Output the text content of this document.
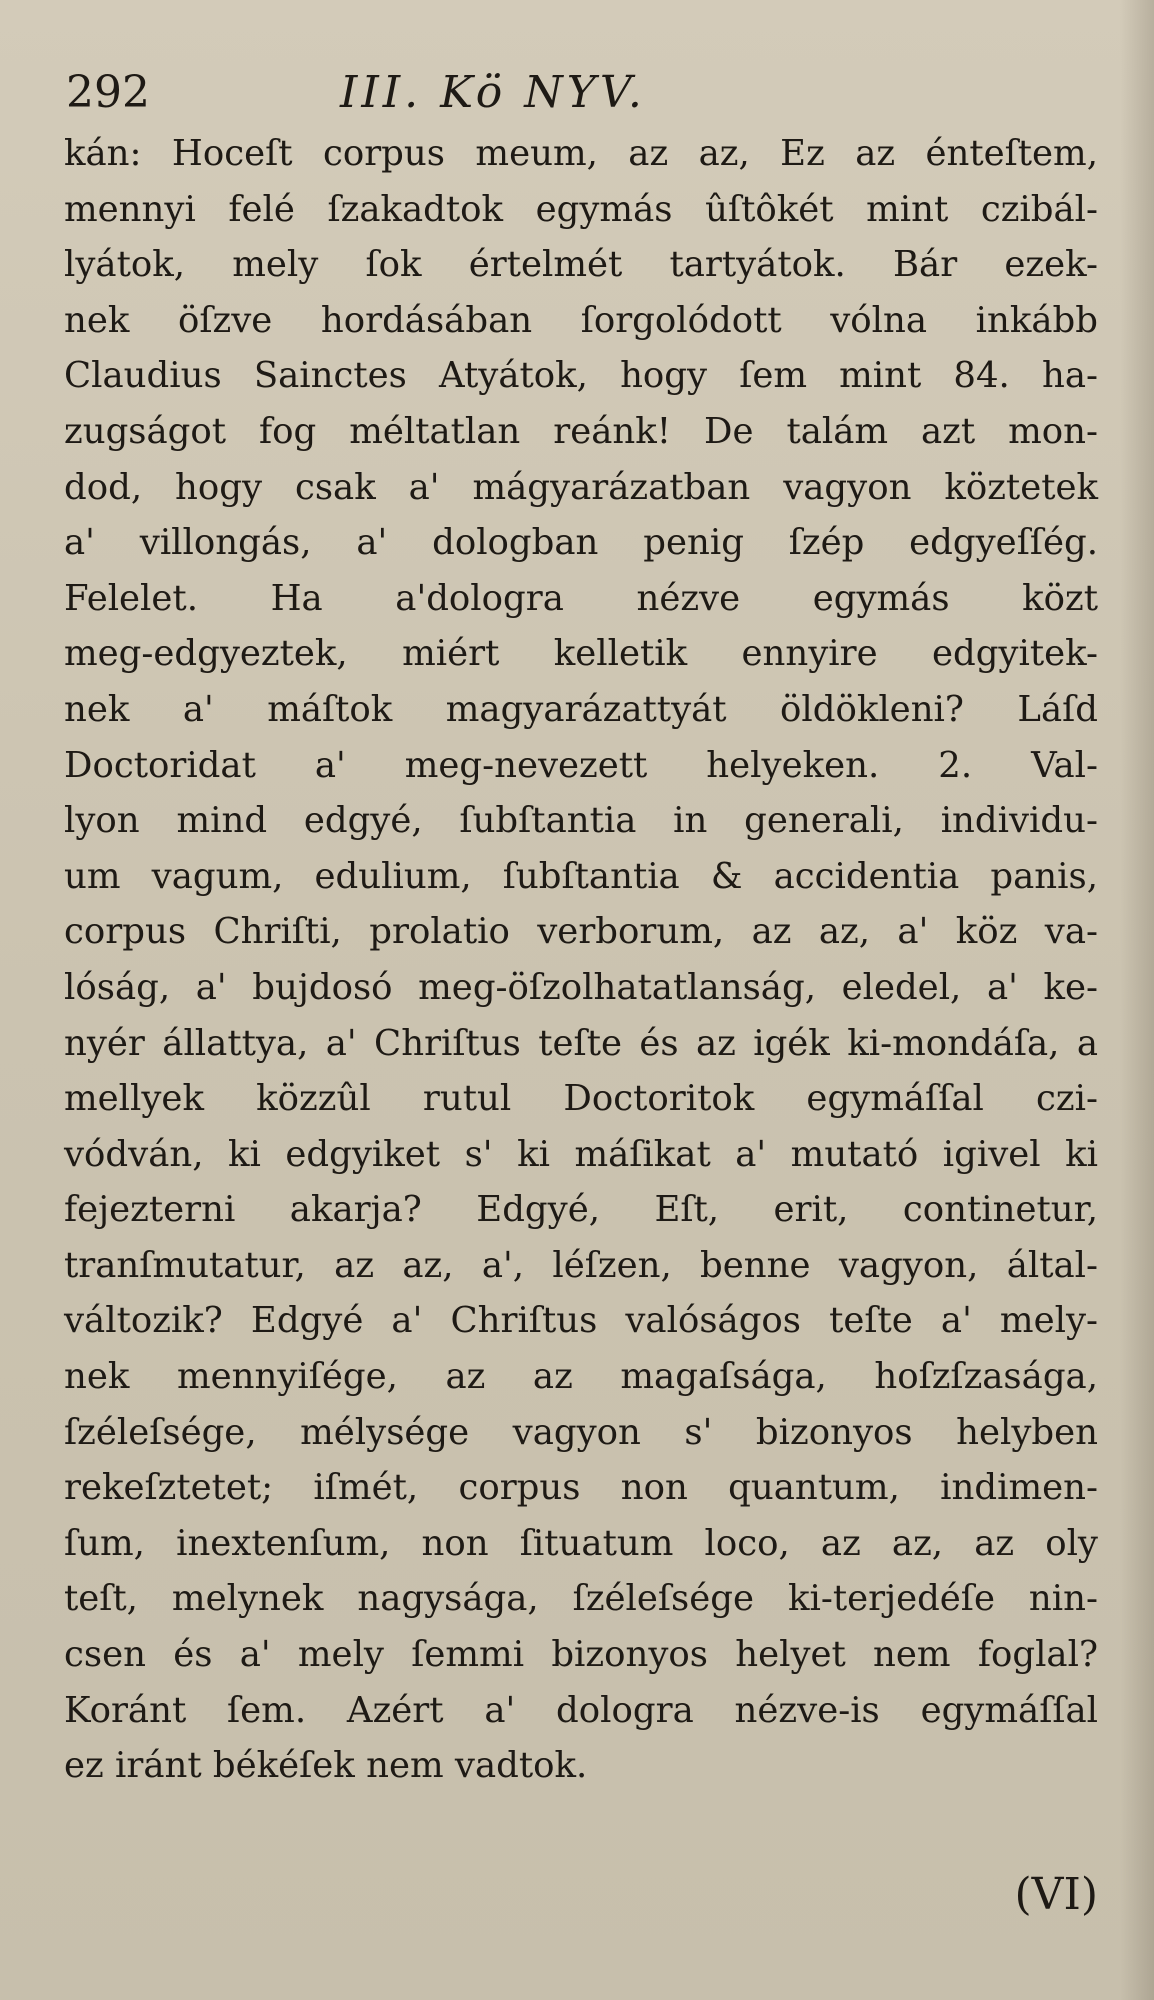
292	III. Kö NYV.
kán: Hoceſt corpus meum, az az, Ez az énteſtem,
mennyi felé ſzakadtok egymás ûſtôkét mint czibál-
lyátok, mely ſok értelmét tartyátok. Bár ezek-
nek öſzve hordásában ſorgolódott vólna inkább
Claudius Sainctes Atyátok, hogy ſem mint 84. ha-
zugságot fog méltatlan reánk! De talám azt mon-
dod, hogy csak a' mágyarázatban vagyon köztetek
a' villongás, a' dologban penig ſzép edgyeſſég.
Felelet. Ha a'dologra nézve egymás közt
meg-edgyeztek, miért kelletik ennyire edgyitek-
nek a' máſtok magyarázattyát öldökleni? Láſd
Doctoridat a' meg-nevezett helyeken. 2. Val-
lyon mind edgyé, ſubſtantia in generali, individu-
um vagum, edulium, ſubſtantia & accidentia panis,
corpus Chriſti, prolatio verborum, az az, a' köz va-
lóság, a' bujdosó meg-öſzolhatatlanság, eledel, a' ke-
nyér állattya, a' Chriſtus teſte és az igék ki-mondáſa, a
mellyek közzûl rutul Doctoritok egymáſſal czi-
vódván, ki edgyiket s' ki máſikat a' mutató igivel ki
fejezterni akarja? Edgyé, Eſt, erit, continetur,
tranſmutatur, az az, a', léſzen, benne vagyon, által-
változik? Edgyé a' Chriſtus valóságos teſte a' mely-
nek mennyiſége, az az magaſsága, hoſzſzasága,
ſzéleſsége, mélysége vagyon s' bizonyos helyben
rekeſztetet; iſmét, corpus non quantum, indimen-
ſum, inextenſum, non ſituatum loco, az az, az oly
teſt, melynek nagysága, ſzéleſsége ki-terjedéſe nin-
csen és a' mely ſemmi bizonyos helyet nem foglal?
Koránt ſem. Azért a' dologra nézve-is egymáſſal
ez iránt békéſek nem vadtok.
(VI)
